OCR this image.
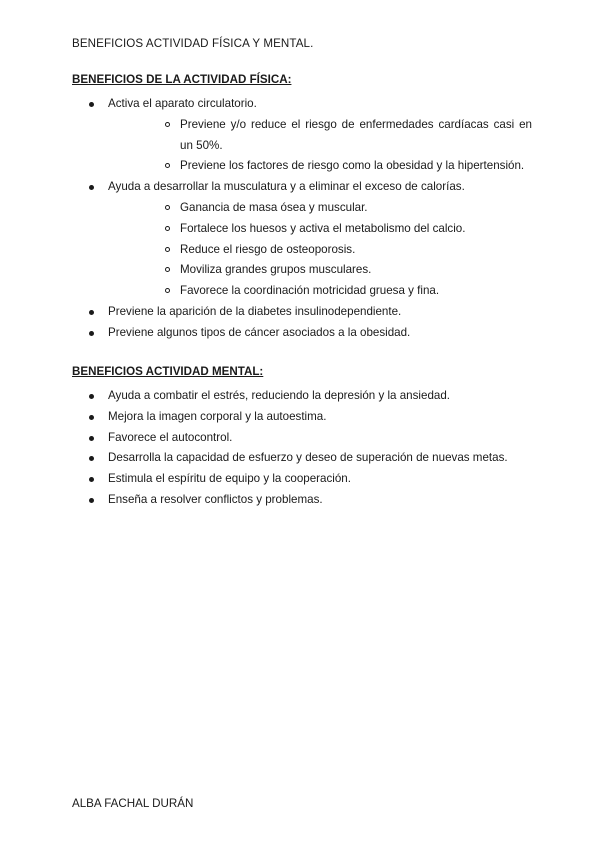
BENEFICIOS ACTIVIDAD FÍSICA Y MENTAL.
BENEFICIOS DE LA ACTIVIDAD FÍSICA:
Activa el aparato circulatorio.
Previene y/o reduce el riesgo de enfermedades cardíacas casi en un 50%.
Previene los factores de riesgo como la obesidad y la hipertensión.
Ayuda a desarrollar la musculatura y a eliminar el exceso de calorías.
Ganancia de masa ósea y muscular.
Fortalece los huesos y activa el metabolismo del calcio.
Reduce el riesgo de osteoporosis.
Moviliza grandes grupos musculares.
Favorece la coordinación motricidad gruesa y fina.
Previene la aparición de la diabetes insulinodependiente.
Previene algunos tipos de cáncer asociados a la obesidad.
BENEFICIOS ACTIVIDAD MENTAL:
Ayuda a combatir el estrés, reduciendo la depresión y la ansiedad.
Mejora la imagen corporal y la autoestima.
Favorece el autocontrol.
Desarrolla la capacidad de esfuerzo y deseo de superación de nuevas metas.
Estimula el espíritu de equipo y la cooperación.
Enseña a resolver conflictos y problemas.
ALBA FACHAL DURÁN
